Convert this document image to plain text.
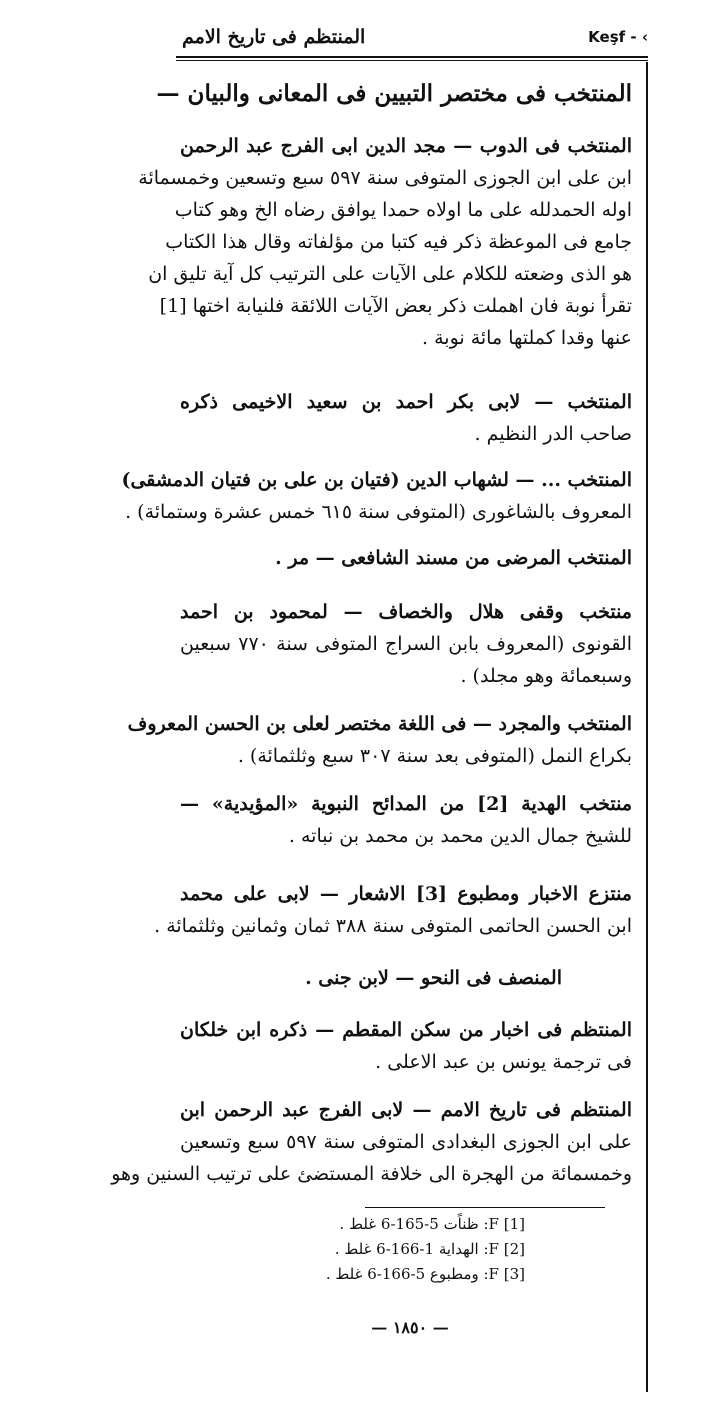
Keşf - ‹
المنتظم فى تاريخ الامم
المنتخب فى مختصر التبيين فى المعانى والبيان —
المنتخب فى الدوب — مجد الدين ابى الفرج عبد الرحمن
ابن على ابن الجوزى المتوفى سنة ٥٩٧ سبع وتسعين وخمسمائة
اوله الحمدلله على ما اولاه حمدا يوافق رضاه الخ وهو كتاب
جامع فى الموعظة ذكر فيه كتبا من مؤلفاته وقال هذا الكتاب
هو الذى وضعته للكلام على الآيات على الترتيب كل آية تليق ان
تقرأ نوبة فان اهملت ذكر بعض الآيات اللائقة فلنيابة اختها [1]
عنها وقدا كملتها مائة نوبة .
المنتخب — لابى بكر احمد بن سعيد الاخيمى ذكره
صاحب الدر النظيم .
المنتخب ... — لشهاب الدين (فتيان بن على بن فتيان الدمشقى)
المعروف بالشاغورى (المتوفى سنة ٦١٥ خمس عشرة وستمائة) .
المنتخب المرضى من مسند الشافعى — مر .
منتخب وقفى هلال والخصاف — لمحمود بن احمد
القونوى (المعروف بابن السراج المتوفى سنة ٧٧٠ سبعين
وسبعمائة وهو مجلد) .
المنتخب والمجرد — فى اللغة مختصر لعلى بن الحسن المعروف
بكراع النمل (المتوفى بعد سنة ٣٠٧ سبع وثلثمائة) .
منتخب الهدية [2] من المدائح النبوية «المؤيدية» —
للشيخ جمال الدين محمد بن محمد بن نباته .
منتزع الاخبار ومطبوع [3] الاشعار — لابى على محمد
ابن الحسن الحاتمى المتوفى سنة ٣٨٨ ثمان وثمانين وثلثمائة .
المنصف فى النحو — لابن جنى .
المنتظم فى اخبار من سكن المقطم — ذكره ابن خلكان
فى ترجمة يونس بن عبد الاعلى .
المنتظم فى تاريخ الامم — لابى الفرج عبد الرحمن ابن
على ابن الجوزى البغدادى المتوفى سنة ٥٩٧ سبع وتسعين
وخمسمائة من الهجرة الى خلافة المستضئ على ترتيب السنين وهو
[1] F: ظناًت 5-165-6 غلط .
[2] F: الهداية 1-166-6 غلط .
[3] F: ومطبوع 5-166-6 غلط .
— ١٨٥٠ —
